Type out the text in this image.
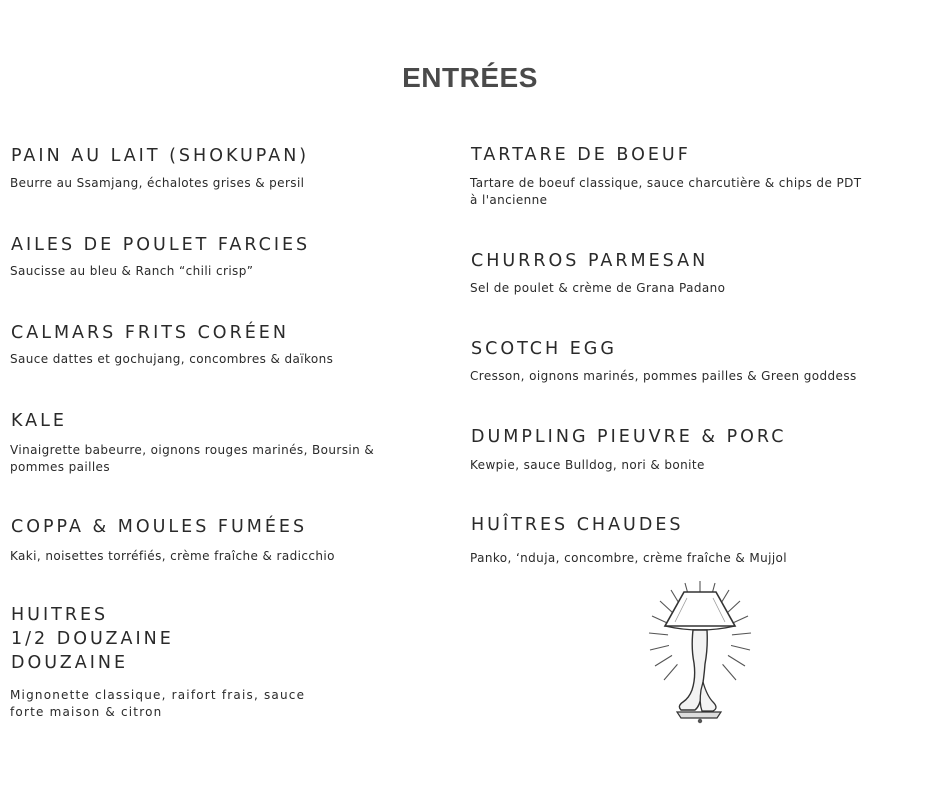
ENTRÉES

PAIN AU LAIT (SHOKUPAN)

Beurre au Ssamjang, échalotes grises & persil

AILES DE POULET FARCIES

Saucisse au bleu & Ranch “chili crisp”

CALMARS FRITS CORÉEN

Sauce dattes et gochujang, concombres & daïkons

KALE

Vinaigrette babeurre, oignons rouges marinés, Boursin &

pommes pailles

COPPA & MOULES FUMÉES

Kaki, noisettes torréfiés, crème fraîche & radicchio

HUITRES

1/2 DOUZAINE

DOUZAINE

Mignonette classique, raifort frais, sauce

forte maison & citron

TARTARE DE BOEUF

Tartare de boeuf classique, sauce charcutière & chips de PDT

à l'ancienne

CHURROS PARMESAN

Sel de poulet & crème de Grana Padano

SCOTCH EGG

Cresson, oignons marinés, pommes pailles & Green goddess

DUMPLING PIEUVRE & PORC

Kewpie, sauce Bulldog, nori & bonite

HUÎTRES CHAUDES

Panko, ‘nduja, concombre, crème fraîche & Mujjol
